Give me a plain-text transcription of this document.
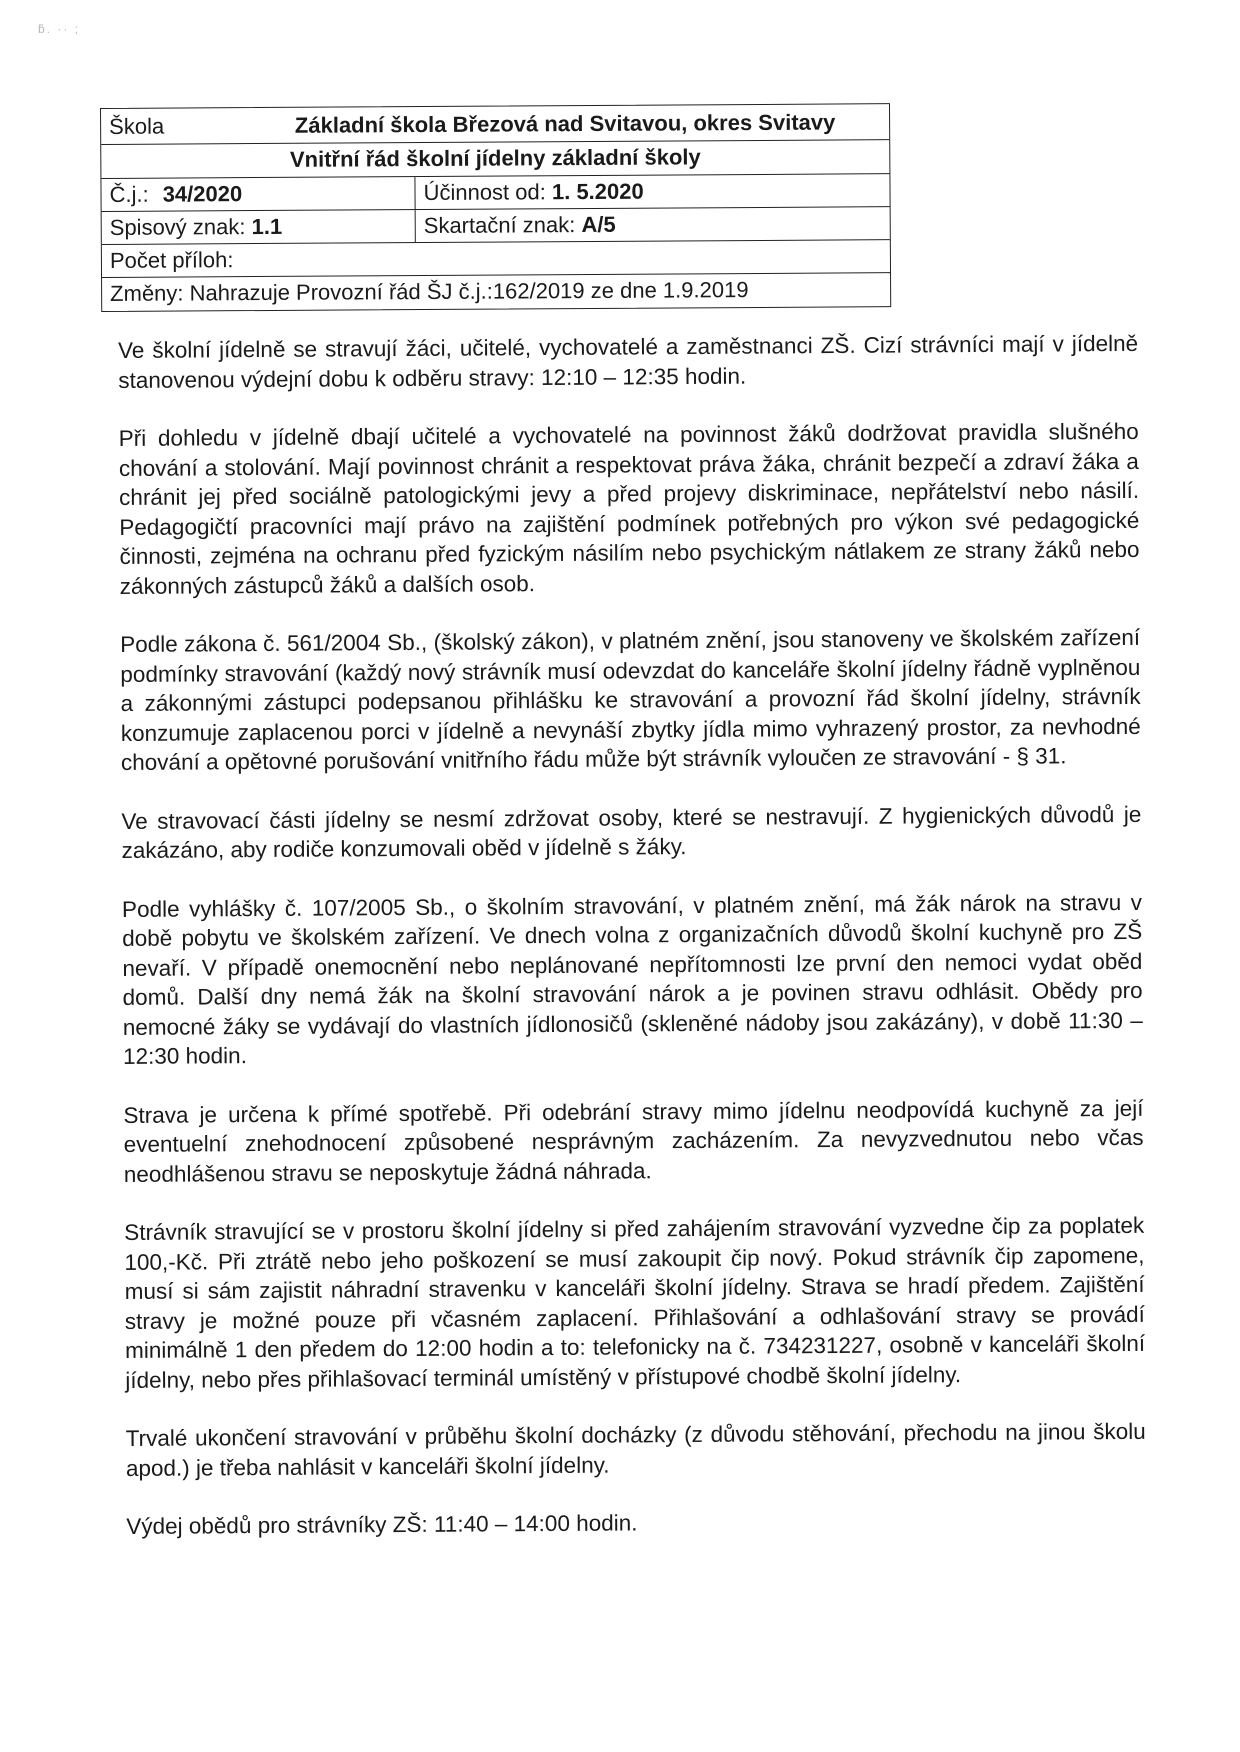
ƃ. ·· ;
Škola	Základní škola Březová nad Svitavou, okres Svitavy
Vnitřní řád školní jídelny základní školy
Č.j.: 34/2020	Účinnost od: 1. 5.2020
Spisový znak: 1.1	Skartační znak: A/5
Počet příloh:
Změny: Nahrazuje Provozní řád ŠJ č.j.:162/2019 ze dne 1.9.2019

Ve školní jídelně se stravují žáci, učitelé, vychovatelé a zaměstnanci ZŠ. Cizí strávníci mají v jídelně stanovenou výdejní dobu k odběru stravy: 12:10 – 12:35 hodin.

Při dohledu v jídelně dbají učitelé a vychovatelé na povinnost žáků dodržovat pravidla slušného chování a stolování. Mají povinnost chránit a respektovat práva žáka, chránit bezpečí a zdraví žáka a chránit jej před sociálně patologickými jevy a před projevy diskriminace, nepřátelství nebo násilí. Pedagogičtí pracovníci mají právo na zajištění podmínek potřebných pro výkon své pedagogické činnosti, zejména na ochranu před fyzickým násilím nebo psychickým nátlakem ze strany žáků nebo zákonných zástupců žáků a dalších osob.

Podle zákona č. 561/2004 Sb., (školský zákon), v platném znění, jsou stanoveny ve školském zařízení podmínky stravování (každý nový strávník musí odevzdat do kanceláře školní jídelny řádně vyplněnou a zákonnými zástupci podepsanou přihlášku ke stravování a provozní řád školní jídelny, strávník konzumuje zaplacenou porci v jídelně a nevynáší zbytky jídla mimo vyhrazený prostor, za nevhodné chování a opětovné porušování vnitřního řádu může být strávník vyloučen ze stravování - § 31.

Ve stravovací části jídelny se nesmí zdržovat osoby, které se nestravují. Z hygienických důvodů je zakázáno, aby rodiče konzumovali oběd v jídelně s žáky.

Podle vyhlášky č. 107/2005 Sb., o školním stravování, v platném znění, má žák nárok na stravu v době pobytu ve školském zařízení. Ve dnech volna z organizačních důvodů školní kuchyně pro ZŠ nevaří. V případě onemocnění nebo neplánované nepřítomnosti lze první den nemoci vydat oběd domů. Další dny nemá žák na školní stravování nárok a je povinen stravu odhlásit. Obědy pro nemocné žáky se vydávají do vlastních jídlonosičů (skleněné nádoby jsou zakázány), v době 11:30 – 12:30 hodin.

Strava je určena k přímé spotřebě. Při odebrání stravy mimo jídelnu neodpovídá kuchyně za její eventuelní znehodnocení způsobené nesprávným zacházením. Za nevyzvednutou nebo včas neodhlášenou stravu se neposkytuje žádná náhrada.

Strávník stravující se v prostoru školní jídelny si před zahájením stravování vyzvedne čip za poplatek 100,-Kč. Při ztrátě nebo jeho poškození se musí zakoupit čip nový. Pokud strávník čip zapomene, musí si sám zajistit náhradní stravenku v kanceláři školní jídelny. Strava se hradí předem. Zajištění stravy je možné pouze při včasném zaplacení. Přihlašování a odhlašování stravy se provádí minimálně 1 den předem do 12:00 hodin a to: telefonicky na č. 734231227, osobně v kanceláři školní jídelny, nebo přes přihlašovací terminál umístěný v přístupové chodbě školní jídelny.

Trvalé ukončení stravování v průběhu školní docházky (z důvodu stěhování, přechodu na jinou školu apod.) je třeba nahlásit v kanceláři školní jídelny.

Výdej obědů pro strávníky ZŠ: 11:40 – 14:00 hodin.
